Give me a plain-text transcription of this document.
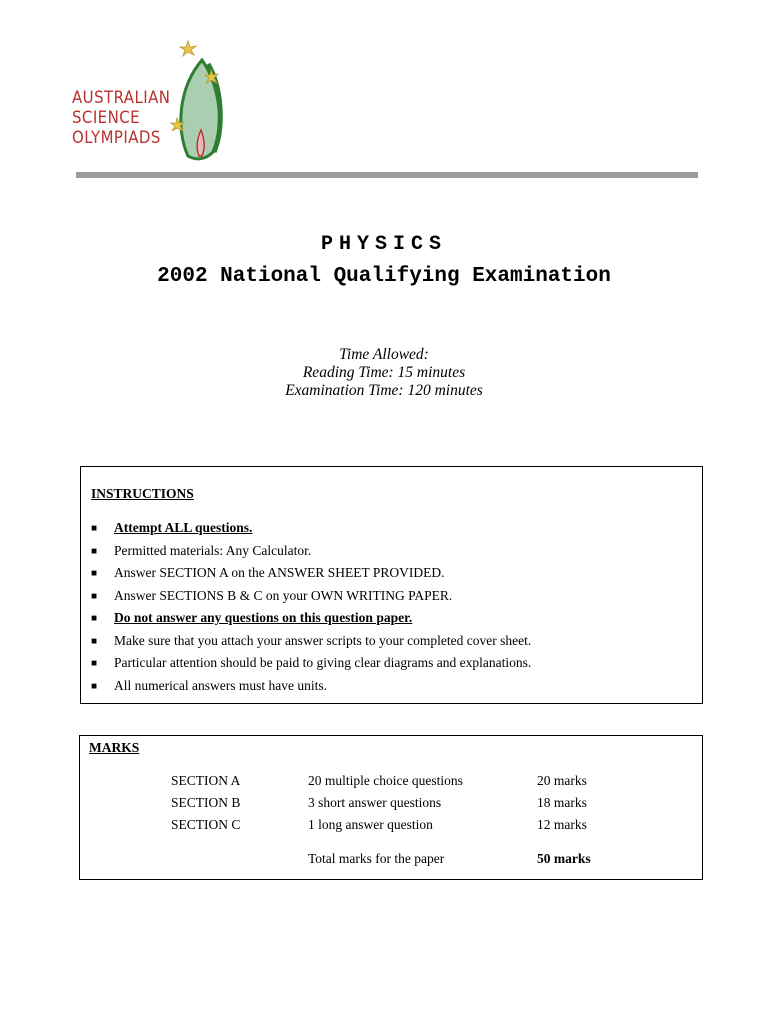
AUSTRALIAN
SCIENCE
OLYMPIADS
PHYSICS
2002 National Qualifying Examination
Time Allowed:
Reading Time: 15 minutes
Examination Time: 120 minutes
INSTRUCTIONS
■ Attempt ALL questions.
■ Permitted materials: Any Calculator.
■ Answer SECTION A on the ANSWER SHEET PROVIDED.
■ Answer SECTIONS B & C on your OWN WRITING PAPER.
■ Do not answer any questions on this question paper.
■ Make sure that you attach your answer scripts to your completed cover sheet.
■ Particular attention should be paid to giving clear diagrams and explanations.
■ All numerical answers must have units.
MARKS
SECTION A	20 multiple choice questions	20 marks
SECTION B	3 short answer questions	18 marks
SECTION C	1 long answer question	12 marks
Total marks for the paper	50 marks
